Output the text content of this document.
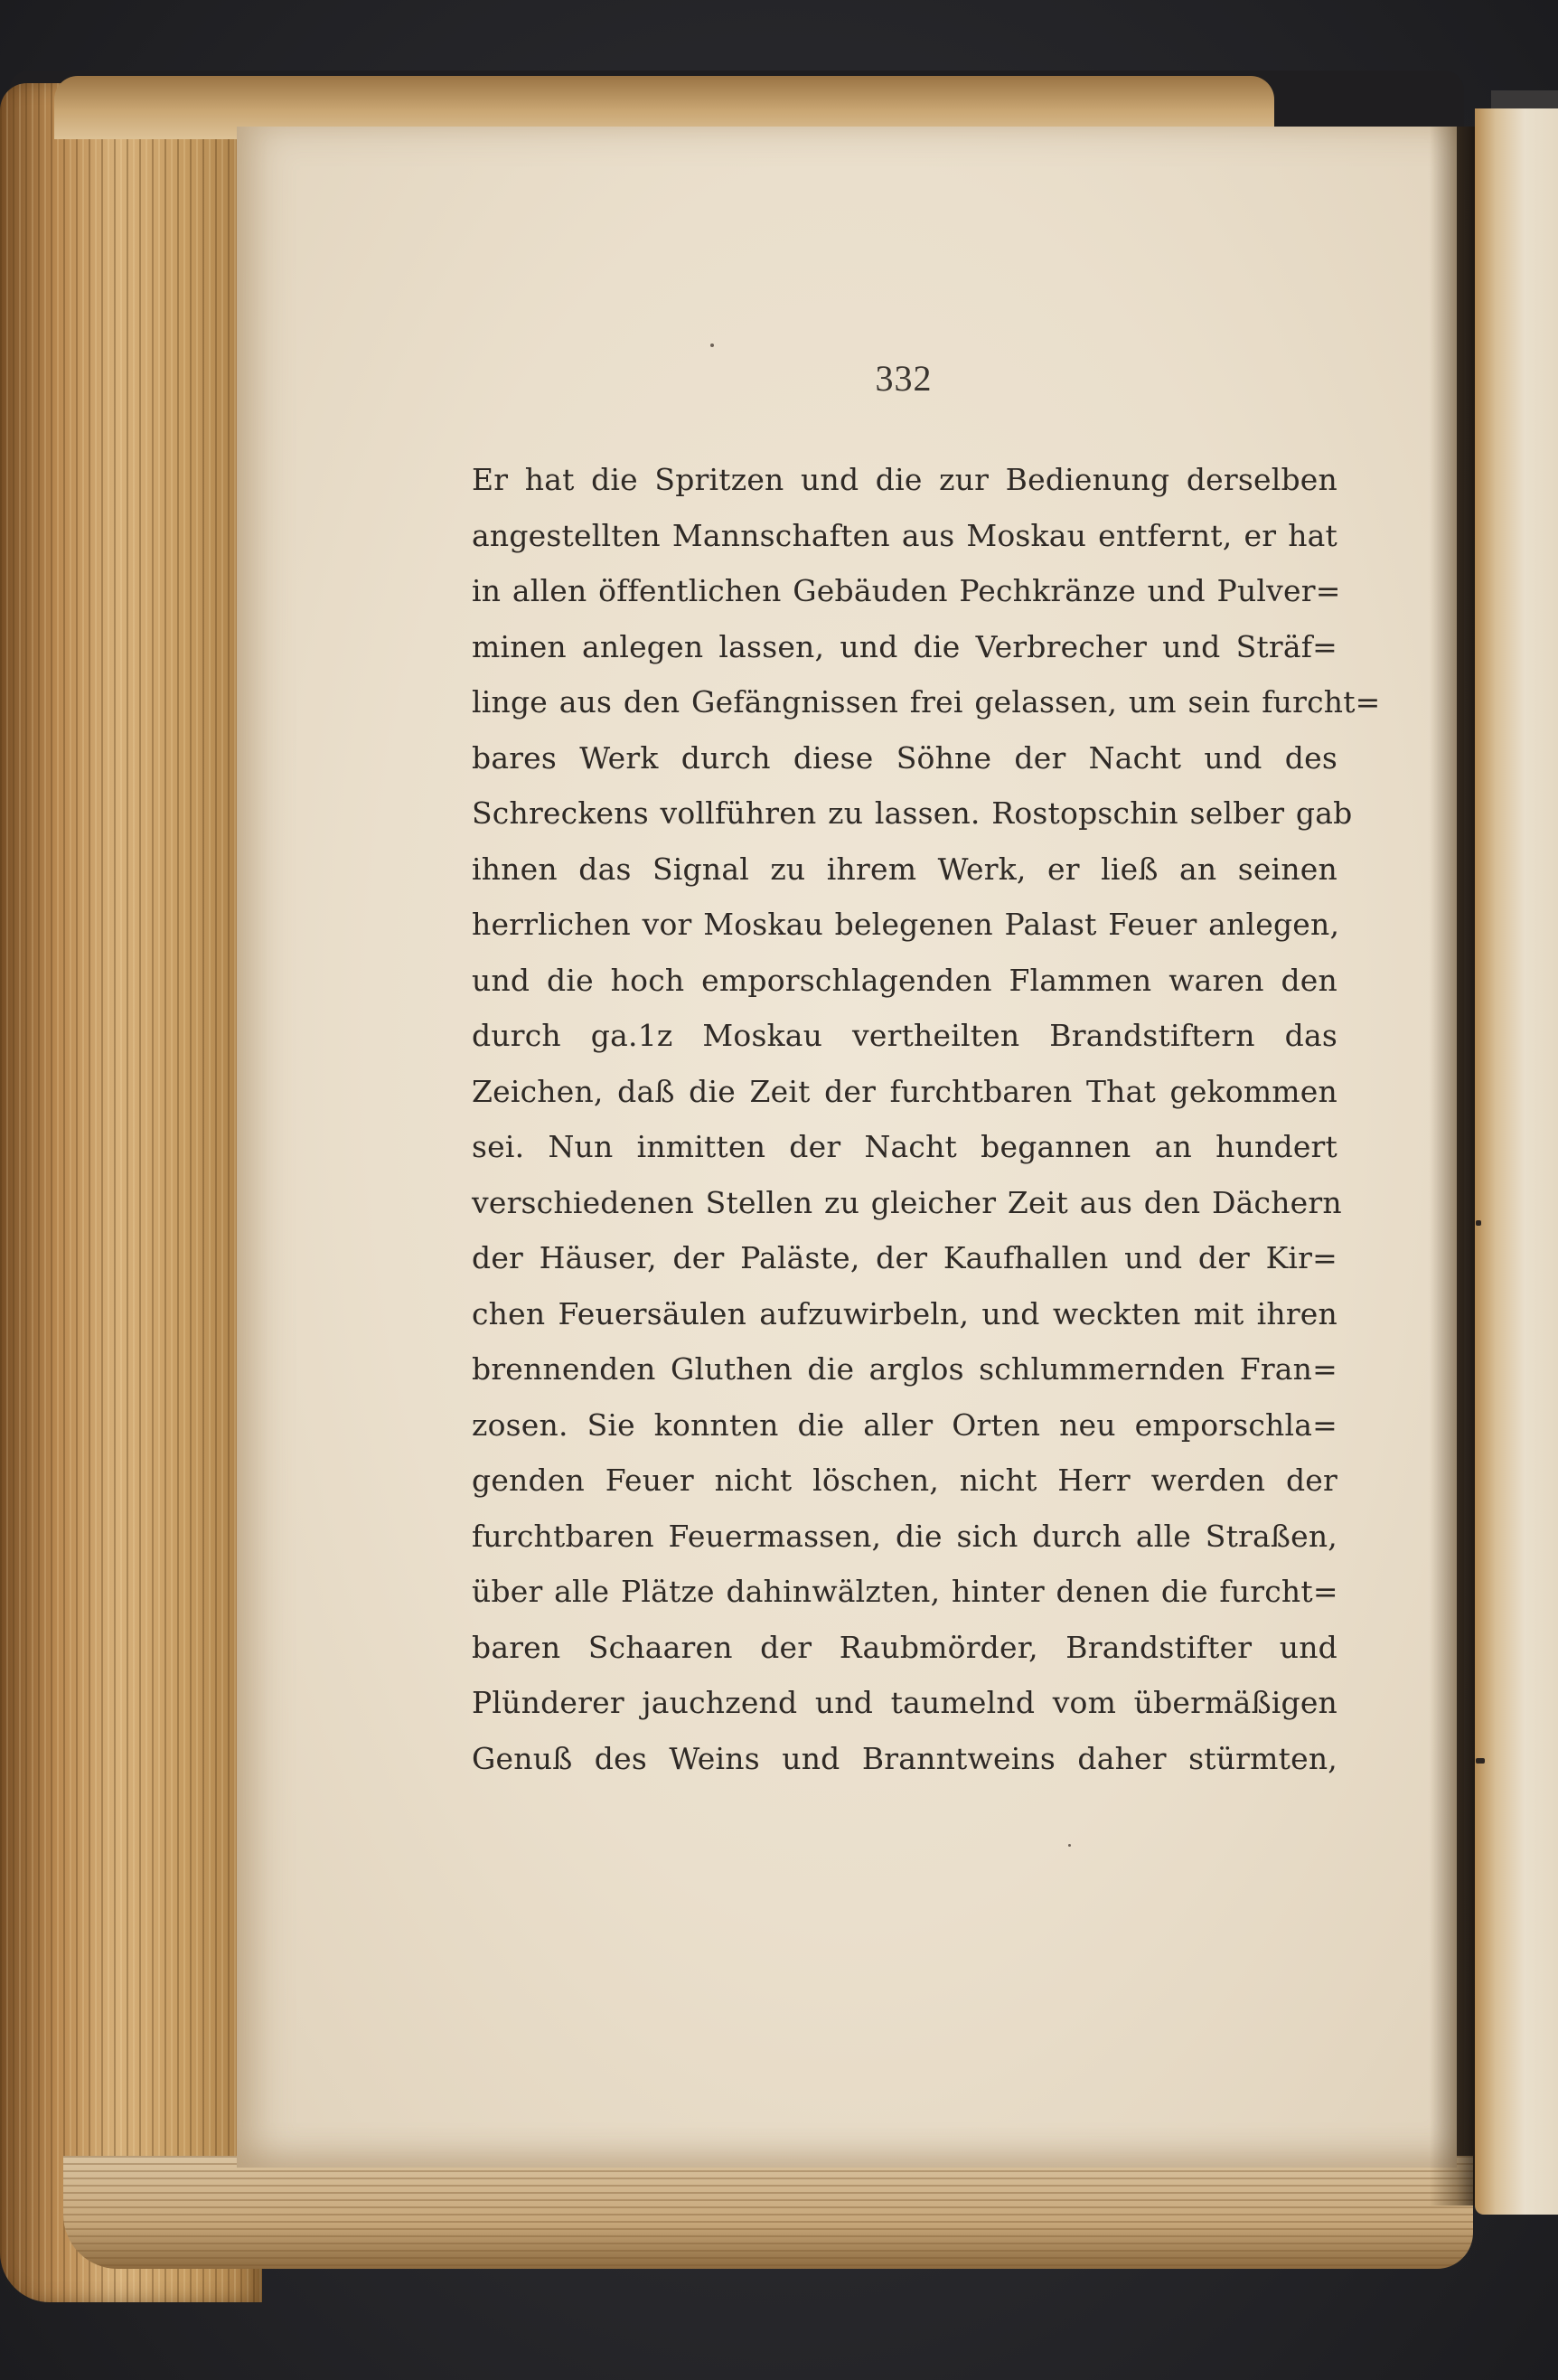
332

Er hat die Spritzen und die zur Bedienung derselben
angestellten Mannschaften aus Moskau entfernt, er hat
in allen öffentlichen Gebäuden Pechkränze und Pulver=
minen anlegen lassen, und die Verbrecher und Sträf=
linge aus den Gefängnissen frei gelassen, um sein furcht=
bares Werk durch diese Söhne der Nacht und des
Schreckens vollführen zu lassen. Rostopschin selber gab
ihnen das Signal zu ihrem Werk, er ließ an seinen
herrlichen vor Moskau belegenen Palast Feuer anlegen,
und die hoch emporschlagenden Flammen waren den
durch ga.1z Moskau vertheilten Brandstiftern das
Zeichen, daß die Zeit der furchtbaren That gekommen
sei. Nun inmitten der Nacht begannen an hundert
verschiedenen Stellen zu gleicher Zeit aus den Dächern
der Häuser, der Paläste, der Kaufhallen und der Kir=
chen Feuersäulen aufzuwirbeln, und weckten mit ihren
brennenden Gluthen die arglos schlummernden Fran=
zosen. Sie konnten die aller Orten neu emporschla=
genden Feuer nicht löschen, nicht Herr werden der
furchtbaren Feuermassen, die sich durch alle Straßen,
über alle Plätze dahinwälzten, hinter denen die furcht=
baren Schaaren der Raubmörder, Brandstifter und
Plünderer jauchzend und taumelnd vom übermäßigen
Genuß des Weins und Branntweins daher stürmten,
